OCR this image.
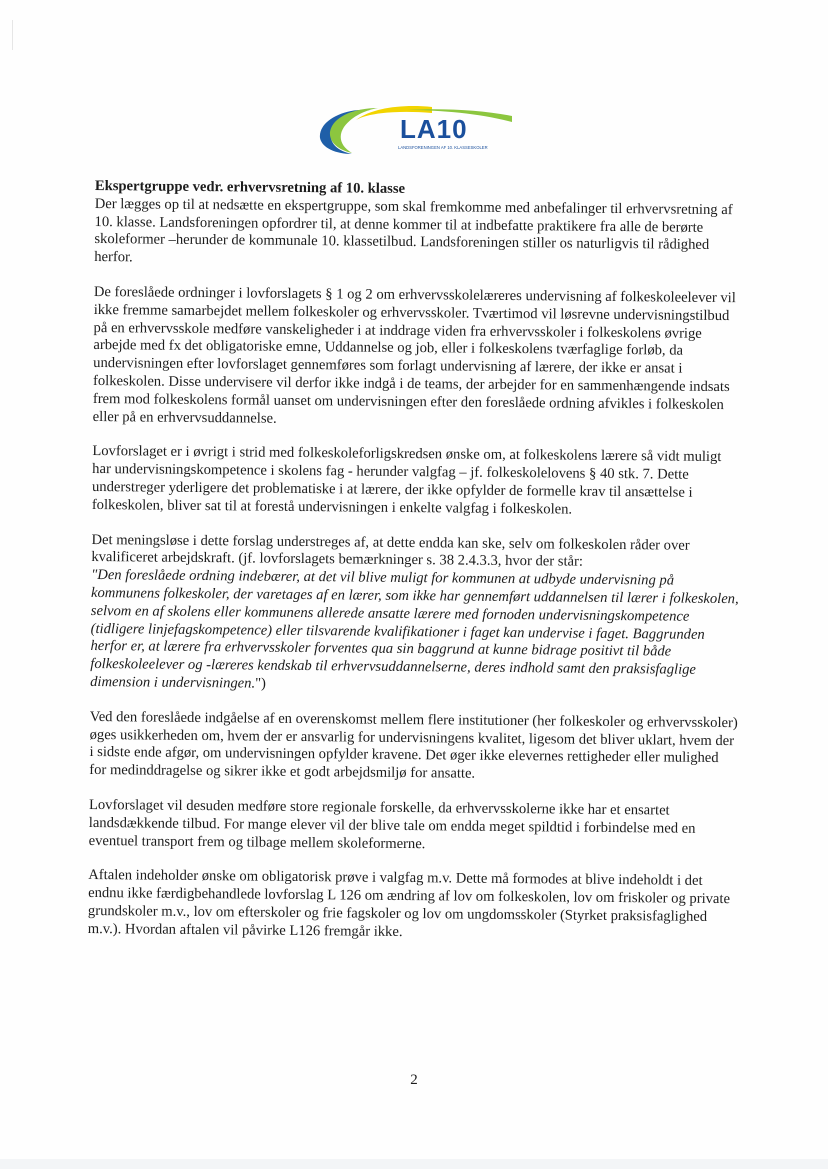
LA10
LANDSFORENINGEN AF 10. KLASSESKOLER
Ekspertgruppe vedr. erhvervsretning af 10. klasse

Der lægges op til at nedsætte en ekspertgruppe, som skal fremkomme med anbefalinger til erhvervsretning af 10. klasse. Landsforeningen opfordrer til, at denne kommer til at indbefatte praktikere fra alle de berørte skoleformer –herunder de kommunale 10. klassetilbud. Landsforeningen stiller os naturligvis til rådighed herfor.

De foreslåede ordninger i lovforslagets § 1 og 2 om erhvervsskolelæreres undervisning af folkeskoleelever vil ikke fremme samarbejdet mellem folkeskoler og erhvervsskoler. Tværtimod vil løsrevne undervisningstilbud på en erhvervsskole medføre vanskeligheder i at inddrage viden fra erhvervsskoler i folkeskolens øvrige arbejde med fx det obligatoriske emne, Uddannelse og job, eller i folkeskolens tværfaglige forløb, da undervisningen efter lovforslaget gennemføres som forlagt undervisning af lærere, der ikke er ansat i folkeskolen. Disse undervisere vil derfor ikke indgå i de teams, der arbejder for en sammenhængende indsats frem mod folkeskolens formål uanset om undervisningen efter den foreslåede ordning afvikles i folkeskolen eller på en erhvervsuddannelse.

Lovforslaget er i øvrigt i strid med folkeskoleforligskredsen ønske om, at folkeskolens lærere så vidt muligt har undervisningskompetence i skolens fag - herunder valgfag – jf. folkeskolelovens § 40 stk. 7. Dette understreger yderligere det problematiske i at lærere, der ikke opfylder de formelle krav til ansættelse i folkeskolen, bliver sat til at forestå undervisningen i enkelte valgfag i folkeskolen.

Det meningsløse i dette forslag understreges af, at dette endda kan ske, selv om folkeskolen råder over kvalificeret arbejdskraft. (jf. lovforslagets bemærkninger s. 38 2.4.3.3, hvor der står:
"Den foreslåede ordning indebærer, at det vil blive muligt for kommunen at udbyde undervisning på kommunens folkeskoler, der varetages af en lærer, som ikke har gennemført uddannelsen til lærer i folkeskolen, selvom en af skolens eller kommunens allerede ansatte lærere med fornoden undervisningskompetence (tidligere linjefagskompetence) eller tilsvarende kvalifikationer i faget kan undervise i faget. Baggrunden herfor er, at lærere fra erhvervsskoler forventes qua sin baggrund at kunne bidrage positivt til både folkeskoleelever og -læreres kendskab til erhvervsuddannelserne, deres indhold samt den praksisfaglige dimension i undervisningen.")

Ved den foreslåede indgåelse af en overenskomst mellem flere institutioner (her folkeskoler og erhvervsskoler) øges usikkerheden om, hvem der er ansvarlig for undervisningens kvalitet, ligesom det bliver uklart, hvem der i sidste ende afgør, om undervisningen opfylder kravene. Det øger ikke elevernes rettigheder eller mulighed for medinddragelse og sikrer ikke et godt arbejdsmiljø for ansatte.

Lovforslaget vil desuden medføre store regionale forskelle, da erhvervsskolerne ikke har et ensartet landsdækkende tilbud. For mange elever vil der blive tale om endda meget spildtid i forbindelse med en eventuel transport frem og tilbage mellem skoleformerne.

Aftalen indeholder ønske om obligatorisk prøve i valgfag m.v. Dette må formodes at blive indeholdt i det endnu ikke færdigbehandlede lovforslag L 126 om ændring af lov om folkeskolen, lov om friskoler og private grundskoler m.v., lov om efterskoler og frie fagskoler og lov om ungdomsskoler (Styrket praksisfaglighed m.v.). Hvordan aftalen vil påvirke L126 fremgår ikke.

2
